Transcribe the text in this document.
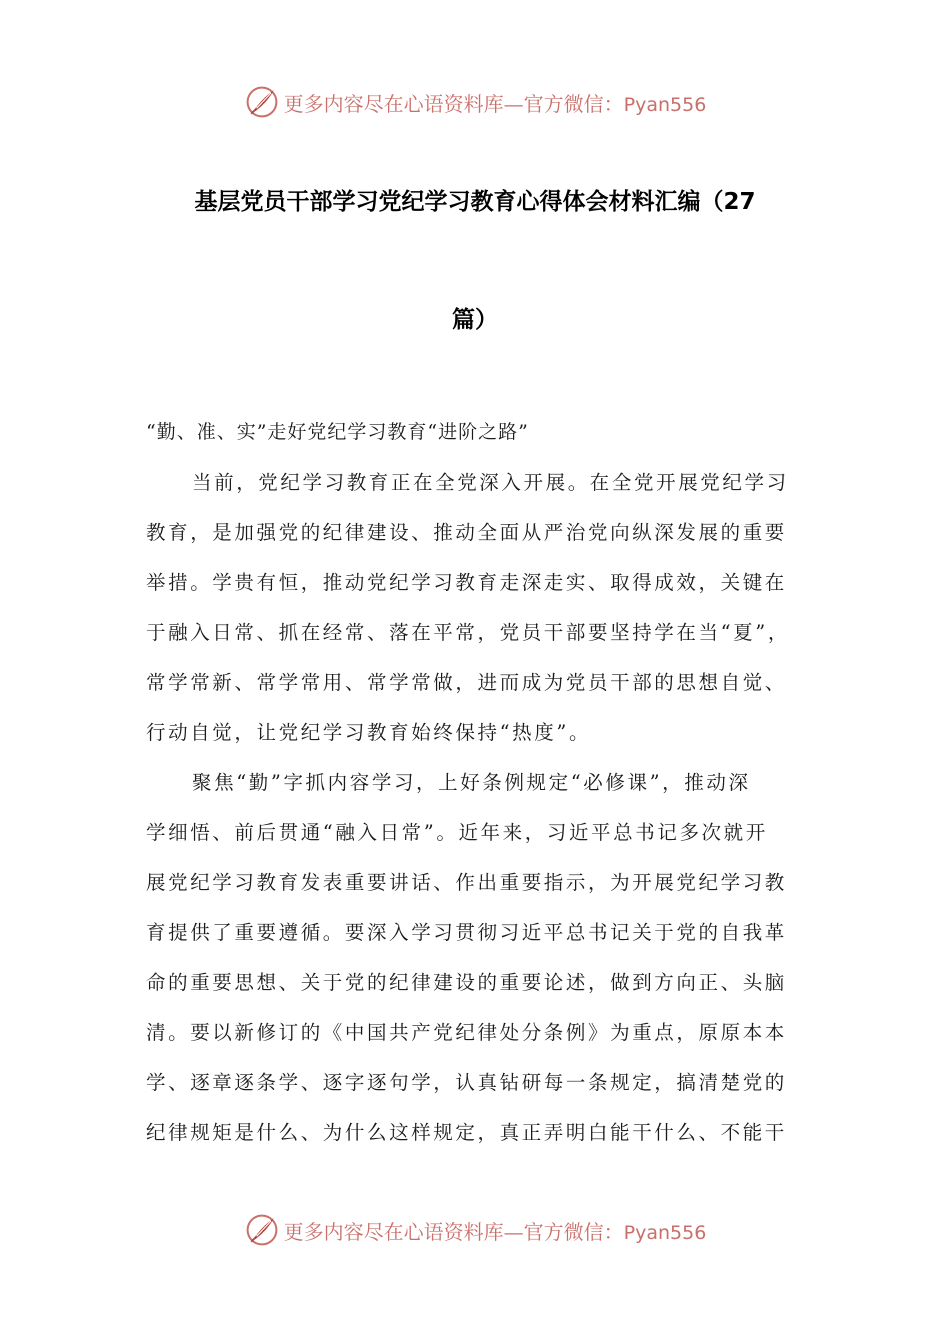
更多内容尽在心语资料库—官方微信：Pyan556
基层党员干部学习党纪学习教育心得体会材料汇编（27
篇）
“勤、准、实”走好党纪学习教育“进阶之路”
当前，党纪学习教育正在全党深入开展。在全党开展党纪学习
教育，是加强党的纪律建设、推动全面从严治党向纵深发展的重要
举措。学贵有恒，推动党纪学习教育走深走实、取得成效，关键在
于融入日常、抓在经常、落在平常，党员干部要坚持学在当“夏”，
常学常新、常学常用、常学常做，进而成为党员干部的思想自觉、
行动自觉，让党纪学习教育始终保持“热度”。
聚焦“勤”字抓内容学习，上好条例规定“必修课”，推动深
学细悟、前后贯通“融入日常”。近年来，习近平总书记多次就开
展党纪学习教育发表重要讲话、作出重要指示，为开展党纪学习教
育提供了重要遵循。要深入学习贯彻习近平总书记关于党的自我革
命的重要思想、关于党的纪律建设的重要论述，做到方向正、头脑
清。要以新修订的《中国共产党纪律处分条例》为重点，原原本本
学、逐章逐条学、逐字逐句学，认真钻研每一条规定，搞清楚党的
纪律规矩是什么、为什么这样规定，真正弄明白能干什么、不能干
更多内容尽在心语资料库—官方微信：Pyan556
